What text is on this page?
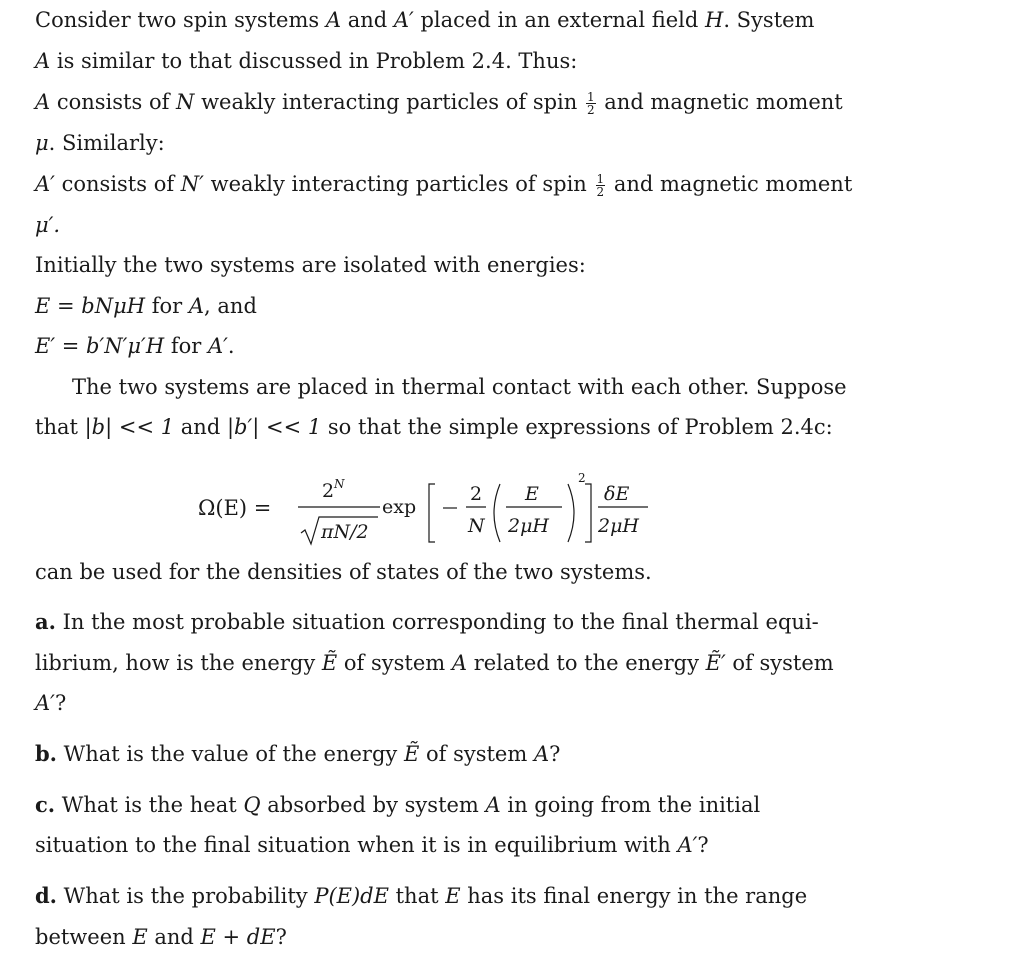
Consider two spin systems A and A′ placed in an external field H. System
A is similar to that discussed in Problem 2.4. Thus:
A consists of N weakly interacting particles of spin $\frac{1}{2}$ and magnetic moment
μ. Similarly:
A′ consists of N′ weakly interacting particles of spin $\frac{1}{2}$ and magnetic moment
μ′.
Initially the two systems are isolated with energies:
E = bNμH for A, and
E′ = b′N′μ′H for A′.
The two systems are placed in thermal contact with each other. Suppose
that |b| << 1 and |b′| << 1 so that the simple expressions of Problem 2.4c:
Ω(E) =
2 N
πN/2
exp
2
N
E
2μH
2
δE
2μH
can be used for the densities of states of the two systems.
a. In the most probable situation corresponding to the final thermal equi-
librium, how is the energy Ẽ of system A related to the energy Ẽ′ of system
A′?
b. What is the value of the energy Ẽ of system A?
c. What is the heat Q absorbed by system A in going from the initial
situation to the final situation when it is in equilibrium with A′?
d. What is the probability P(E)dE that E has its final energy in the range
between E and E + dE?
